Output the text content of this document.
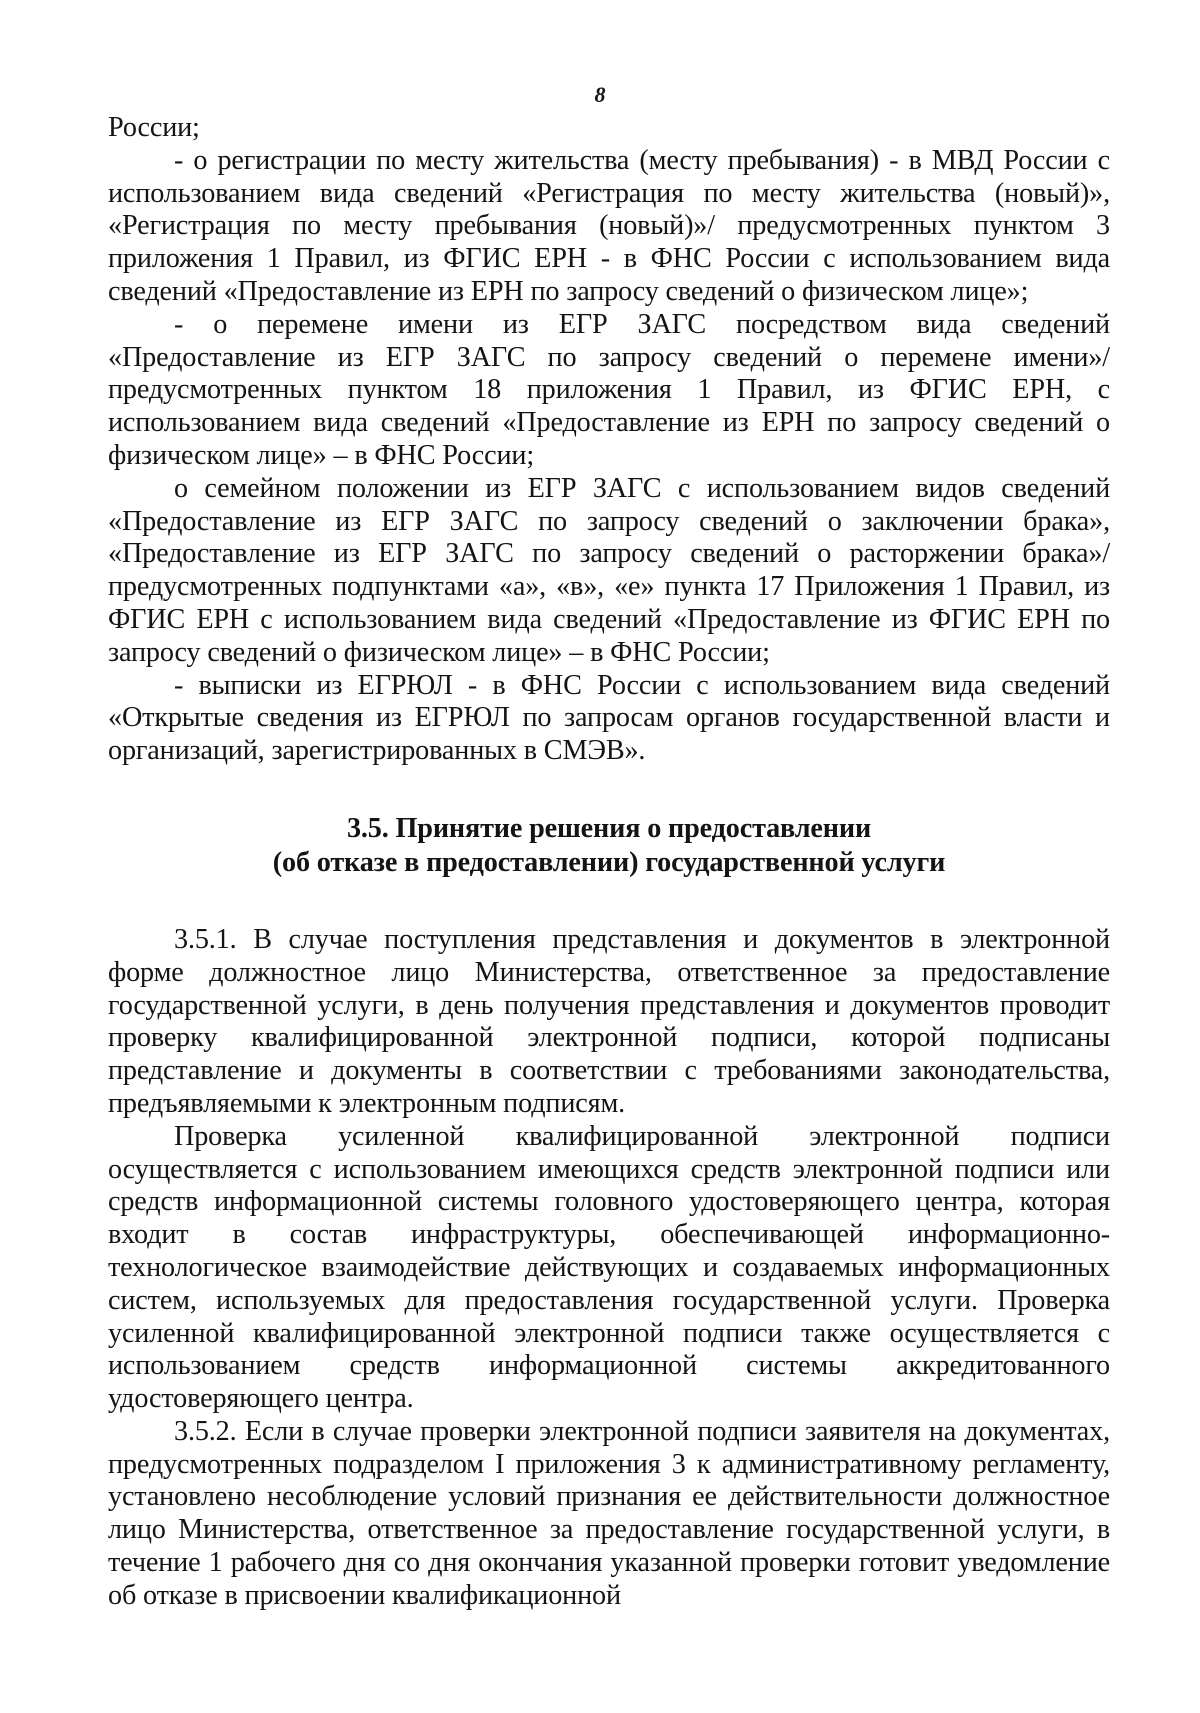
8

России;

- о регистрации по месту жительства (месту пребывания) - в МВД России с использованием вида сведений «Регистрация по месту жительства (новый)», «Регистрация по месту пребывания (новый)»/ предусмотренных пунктом 3 приложения 1 Правил, из ФГИС ЕРН - в ФНС России с использованием вида сведений «Предоставление из ЕРН по запросу сведений о физическом лице»;

- о перемене имени из ЕГР ЗАГС посредством вида сведений «Предоставление из ЕГР ЗАГС по запросу сведений о перемене имени»/предусмотренных пунктом 18 приложения 1 Правил, из ФГИС ЕРН, с использованием вида сведений «Предоставление из ЕРН по запросу сведений о физическом лице» – в ФНС России;

о семейном положении из ЕГР ЗАГС с использованием видов сведений «Предоставление из ЕГР ЗАГС по запросу сведений о заключении брака», «Предоставление из ЕГР ЗАГС по запросу сведений о расторжении брака»/предусмотренных подпунктами «а», «в», «е» пункта 17 Приложения 1 Правил, из ФГИС ЕРН с использованием вида сведений «Предоставление из ФГИС ЕРН по запросу сведений о физическом лице» – в ФНС России;

- выписки из ЕГРЮЛ - в ФНС России с использованием вида сведений «Открытые сведения из ЕГРЮЛ по запросам органов государственной власти и организаций, зарегистрированных в СМЭВ».

3.5. Принятие решения о предоставлении
(об отказе в предоставлении) государственной услуги

3.5.1. В случае поступления представления и документов в электронной форме должностное лицо Министерства, ответственное за предоставление государственной услуги, в день получения представления и документов проводит проверку квалифицированной электронной подписи, которой подписаны представление и документы в соответствии с требованиями законодательства, предъявляемыми к электронным подписям.

Проверка усиленной квалифицированной электронной подписи осуществляется с использованием имеющихся средств электронной подписи или средств информационной системы головного удостоверяющего центра, которая входит в состав инфраструктуры, обеспечивающей информационно-технологическое взаимодействие действующих и создаваемых информационных систем, используемых для предоставления государственной услуги. Проверка усиленной квалифицированной электронной подписи также осуществляется с использованием средств информационной системы аккредитованного удостоверяющего центра.

3.5.2. Если в случае проверки электронной подписи заявителя на документах, предусмотренных подразделом I приложения 3 к административному регламенту, установлено несоблюдение условий признания ее действительности должностное лицо Министерства, ответственное за предоставление государственной услуги, в течение 1 рабочего дня со дня окончания указанной проверки готовит уведомление об отказе в присвоении квалификационной
